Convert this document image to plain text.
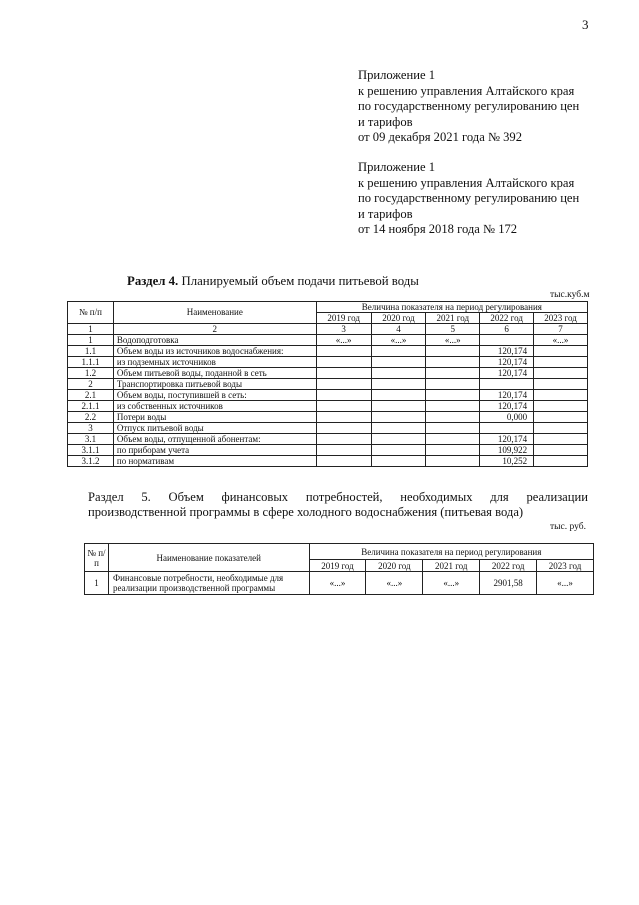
3
Приложение 1
к решению управления Алтайского края
по государственному регулированию цен
и тарифов
от 09 декабря 2021 года № 392
Приложение 1
к решению управления Алтайского края
по государственному регулированию цен
и тарифов
от 14 ноября 2018 года № 172
Раздел 4. Планируемый объем подачи питьевой воды
тыс.куб.м
№ п/п	Наименование	Величина показателя на период регулирования				
		2019 год	2020 год	2021 год	2022 год	2023 год
1	2	3	4	5	6	7
1	Водоподготовка	«...»	«...»	«...»		«...»
1.1	Объем воды из источников водоснабжения:				120,174	
1.1.1	из подземных источников				120,174	
1.2	Объем питьевой воды, поданной в сеть				120,174	
2	Транспортировка питьевой воды					
2.1	Объем воды, поступившей в сеть:				120,174	
2.1.1	из собственных источников				120,174	
2.2	Потери воды				0,000	
3	Отпуск питьевой воды					
3.1	Объем воды, отпущенной абонентам:				120,174	
3.1.1	по приборам учета				109,922	
3.1.2	по нормативам				10,252	
Раздел 5. Объем финансовых потребностей, необходимых для реализации
производственной программы в сфере холодного водоснабжения (питьевая вода)
тыс. руб.
№ п/п	Наименование показателей	Величина показателя на период регулирования				
		2019 год	2020 год	2021 год	2022 год	2023 год
1	Финансовые потребности, необходимые для
реализации производственной программы	«...»	«...»	«...»	2901,58	«...»
